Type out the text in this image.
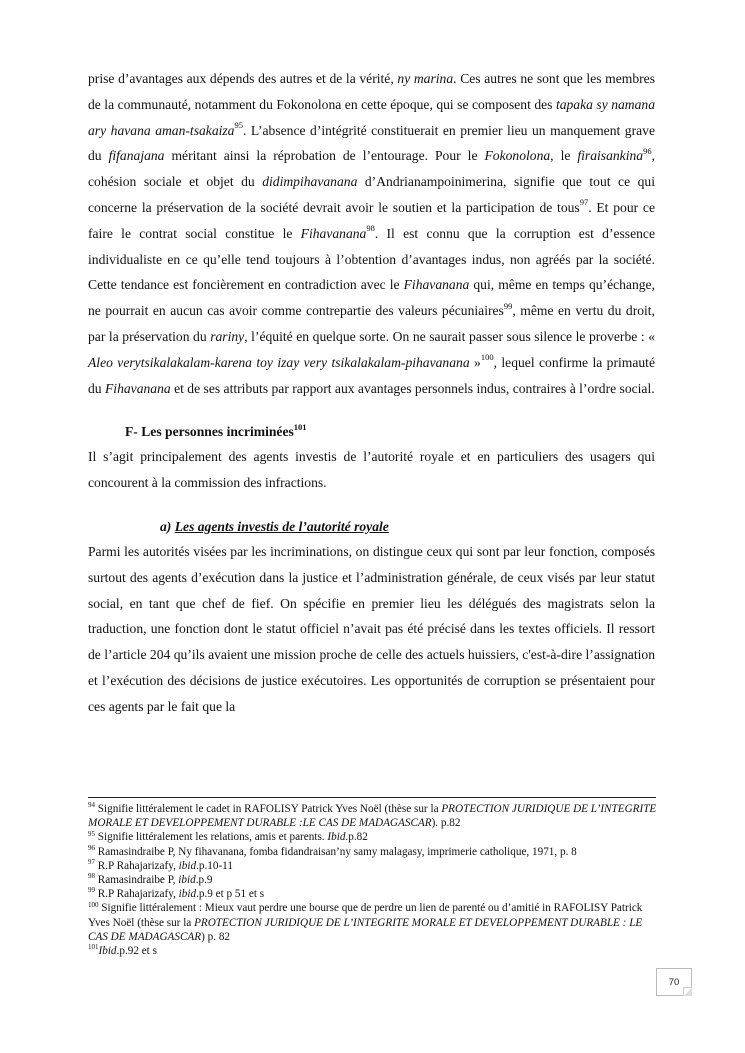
prise d’avantages aux dépends des autres et de la vérité, ny marina. Ces autres ne sont que les membres de la communauté, notamment du Fokonolona en cette époque, qui se composent des tapaka sy namana ary havana aman-tsakaiza$^{95}$. L’absence d’intégrité constituerait en premier lieu un manquement grave du fifanajana méritant ainsi la réprobation de l’entourage. Pour le Fokonolona, le firaisankina$^{96}$, cohésion sociale et objet du didimpihavanana d’Andrianampoinimerina, signifie que tout ce qui concerne la préservation de la société devrait avoir le soutien et la participation de tous$^{97}$. Et pour ce faire le contrat social constitue le Fihavanana$^{98}$. Il est connu que la corruption est d’essence individualiste en ce qu’elle tend toujours à l’obtention d’avantages indus, non agréés par la société. Cette tendance est foncièrement en contradiction avec le Fihavanana qui, même en temps qu’échange, ne pourrait en aucun cas avoir comme contrepartie des valeurs pécuniaires$^{99}$, même en vertu du droit, par la préservation du rariny, l’équité en quelque sorte. On ne saurait passer sous silence le proverbe : « Aleo verytsikalakalam-karena toy izay very tsikalakalam-pihavanana »$^{100}$, lequel confirme la primauté du Fihavanana et de ses attributs par rapport aux avantages personnels indus, contraires à l’ordre social.

F- Les personnes incriminées$^{101}$

Il s’agit principalement des agents investis de l’autorité royale et en particuliers des usagers qui concourent à la commission des infractions.

a) Les agents investis de l’autorité royale

Parmi les autorités visées par les incriminations, on distingue ceux qui sont par leur fonction, composés surtout des agents d’exécution dans la justice et l’administration générale, de ceux visés par leur statut social, en tant que chef de fief. On spécifie en premier lieu les délégués des magistrats selon la traduction, une fonction dont le statut officiel n’avait pas été précisé dans les textes officiels. Il ressort de l’article 204 qu’ils avaient une mission proche de celle des actuels huissiers, c'est-à-dire l’assignation et l’exécution des décisions de justice exécutoires. Les opportunités de corruption se présentaient pour ces agents par le fait que la

$^{94}$ Signifie littéralement le cadet in RAFOLISY Patrick Yves Noël (thèse sur la PROTECTION JURIDIQUE DE L’INTEGRITE MORALE ET DEVELOPPEMENT DURABLE :LE CAS DE MADAGASCAR). p.82

$^{95}$ Signifie littéralement les relations, amis et parents. Ibid.p.82

$^{96}$ Ramasindraibe P, Ny fihavanana, fomba fidandraisan’ny samy malagasy, imprimerie catholique, 1971, p. 8

$^{97}$ R.P Rahajarizafy, ibid.p.10-11

$^{98}$ Ramasindraibe P, ibid.p.9

$^{99}$ R.P Rahajarizafy, ibid.p.9 et p 51 et s

$^{100}$ Signifie littéralement : Mieux vaut perdre une bourse que de perdre un lien de parenté ou d’amitié in RAFOLISY Patrick Yves Noël (thèse sur la PROTECTION JURIDIQUE DE L’INTEGRITE MORALE ET DEVELOPPEMENT DURABLE : LE CAS DE MADAGASCAR) p. 82

$^{101}$Ibid.p.92 et s

70
